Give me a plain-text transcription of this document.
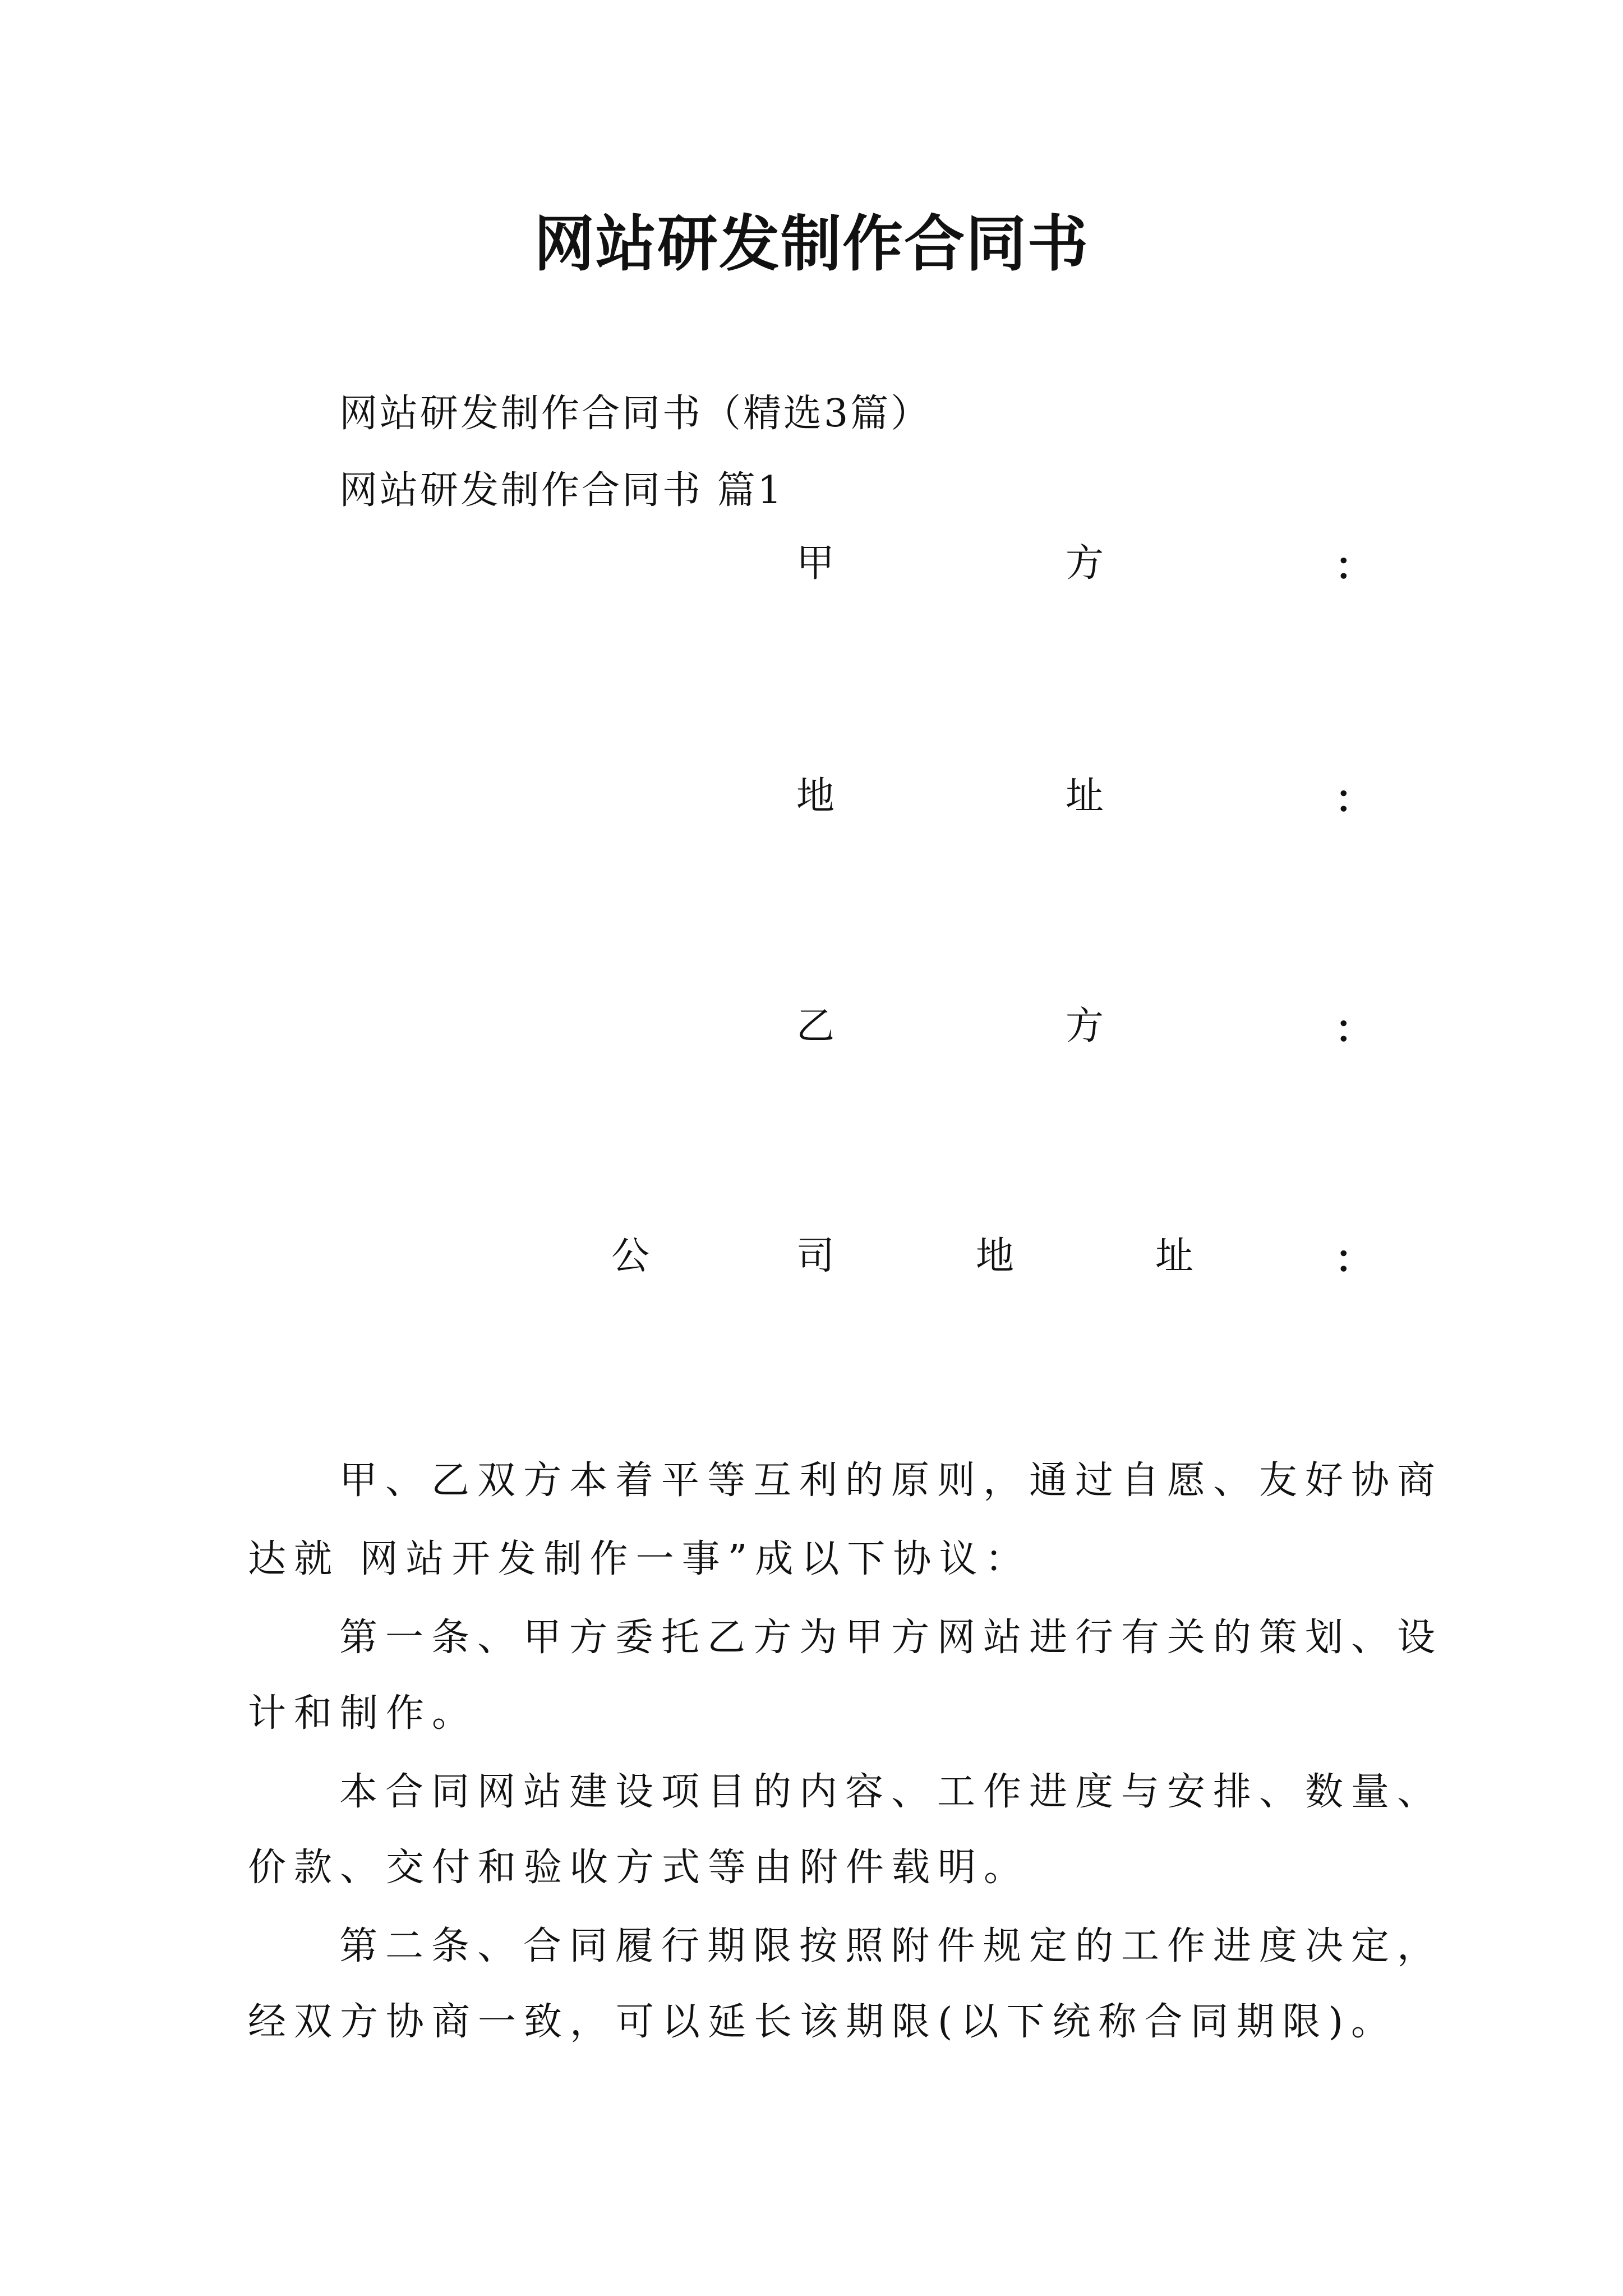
网站研发制作合同书
网站研发制作合同书（精选3篇）
网站研发制作合同书 篇1
甲	方	：
地	址	：
乙	方	：
公	司	地	址	：
甲、乙双方本着平等互利的原则，通过自愿、友好协商
达就 网站开发制作一事”成以下协议：
第一条、甲方委托乙方为甲方网站进行有关的策划、设
计和制作。
本合同网站建设项目的内容、工作进度与安排、数量、
价款、交付和验收方式等由附件载明。
第二条、合同履行期限按照附件规定的工作进度决定，
经双方协商一致，可以延长该期限(以下统称合同期限)。
